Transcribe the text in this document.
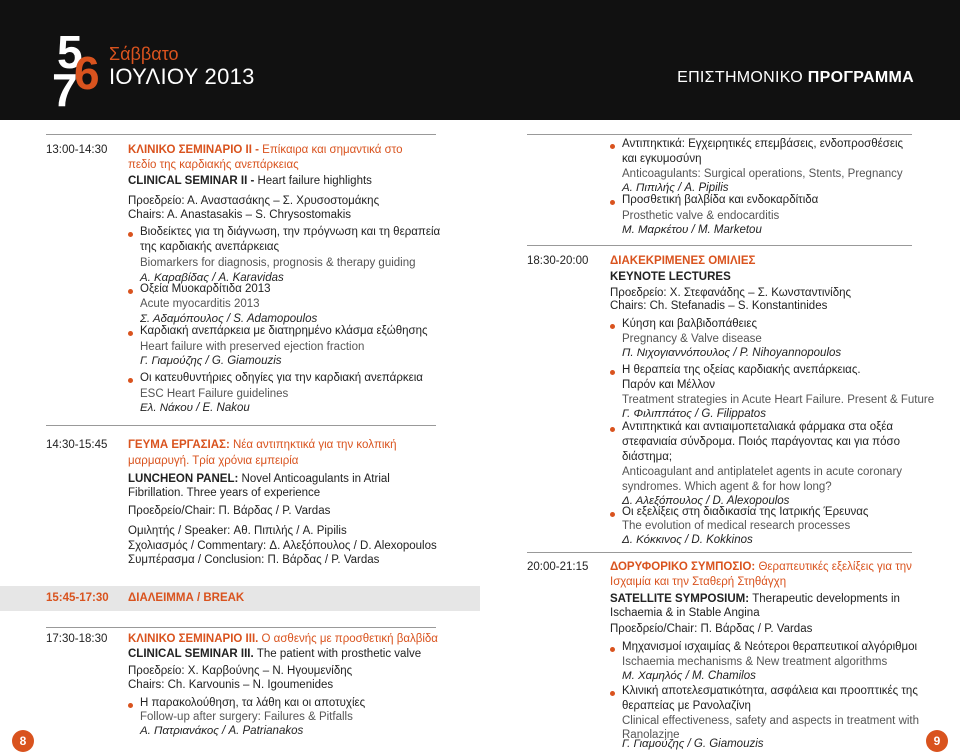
5
6
7
Σάββατο
ΙΟΥΛΙΟΥ 2013	ΕΠΙΣΤΗΜΟΝΙΚΟ ΠΡΟΓΡΑΜΜΑ
13:00-14:30 ΚΛΙΝΙΚΟ ΣΕΜΙΝΑΡΙΟ ΙΙ - Επίκαιρα και σημαντικά στο
πεδίο της καρδιακής ανεπάρκειας
CLINICAL SEMINAR II - Heart failure highlights
Προεδρείο: Α. Αναστασάκης – Σ. Χρυσοστομάκης
Chairs: A. Anastasakis – S. Chrysostomakis
Βιοδείκτες για τη διάγνωση, την πρόγνωση και τη θεραπεία
της καρδιακής ανεπάρκειας
Biomarkers for diagnosis, prognosis & therapy guiding
Α. Καραβίδας / A. Karavidas
Οξεία Μυοκαρδίτιδα 2013
Acute myocarditis 2013
Σ. Αδαμόπουλος / S. Adamopoulos
Καρδιακή ανεπάρκεια με διατηρημένο κλάσμα εξώθησης
Heart failure with preserved ejection fraction
Γ. Γιαμούζης / G. Giamouzis
Οι κατευθυντήριες οδηγίες για την καρδιακή ανεπάρκεια
ESC Heart Failure guidelines
Ελ. Νάκου / E. Nakou
14:30-15:45 ΓΕΥΜΑ ΕΡΓΑΣΙΑΣ: Νέα αντιπηκτικά για την κολπική
μαρμαρυγή. Τρία χρόνια εμπειρία
LUNCHEON PANEL: Novel Anticoagulants in Atrial
Fibrillation. Three years of experience
Προεδρείο/Chair: Π. Βάρδας / P. Vardas
Ομιλητής / Speaker: Αθ. Πιπιλής / A. Pipilis
Σχολιασμός / Commentary: Δ. Αλεξόπουλος / D. Alexopoulos
Συμπέρασμα / Conclusion: Π. Βάρδας / P. Vardas
15:45-17:30 ΔΙΑΛΕΙΜΜΑ / BREAK
17:30-18:30 ΚΛΙΝΙΚΟ ΣΕΜΙΝΑΡΙΟ ΙΙΙ. Ο ασθενής με προσθετική βαλβίδα
CLINICAL SEMINAR III. The patient with prosthetic valve
Προεδρείο: Χ. Καρβούνης – Ν. Ηγουμενίδης
Chairs: Ch. Karvounis – N. Igoumenides
Η παρακολούθηση, τα λάθη και οι αποτυχίες
Follow-up after surgery: Failures & Pitfalls
Α. Πατριανάκος / A. Patrianakos
8
Αντιπηκτικά: Εγχειρητικές επεμβάσεις, ενδοπροσθέσεις
και εγκυμοσύνη
Anticoagulants: Surgical operations, Stents, Pregnancy
Α. Πιπιλής / A. Pipilis
Προσθετική βαλβίδα και ενδοκαρδίτιδα
Prosthetic valve & endocarditis
Μ. Μαρκέτου / M. Marketou
18:30-20:00 ΔΙΑΚΕΚΡΙΜΕΝΕΣ ΟΜΙΛΙΕΣ
KEYNOTE LECTURES
Προεδρείο: Χ. Στεφανάδης – Σ. Κωνσταντινίδης
Chairs: Ch. Stefanadis – S. Konstantinides
Κύηση και βαλβιδοπάθειες
Pregnancy & Valve disease
Π. Νιχογιαννόπουλος / P. Nihoyannopoulos
Η θεραπεία της οξείας καρδιακής ανεπάρκειας.
Παρόν και Μέλλον
Treatment strategies in Acute Heart Failure. Present & Future
Γ. Φιλιππάτος / G. Filippatos
Αντιπηκτικά και αντιαιμοπεταλιακά φάρμακα στα οξέα
στεφανιαία σύνδρομα. Ποιός παράγοντας και για πόσο
διάστημα;
Anticoagulant and antiplatelet agents in acute coronary
syndromes. Which agent & for how long?
Δ. Αλεξόπουλος / D. Alexopoulos
Οι εξελίξεις στη διαδικασία της Ιατρικής Έρευνας
The evolution of medical research processes
Δ. Κόκκινος / D. Kokkinos
20:00-21:15 ΔΟΡΥΦΟΡΙΚΟ ΣΥΜΠΟΣΙΟ: Θεραπευτικές εξελίξεις για την
Ισχαιμία και την Σταθερή Στηθάγχη
SATELLITE SYMPOSIUM: Therapeutic developments in
Ischaemia & in Stable Angina
Προεδρείο/Chair: Π. Βάρδας / P. Vardas
Μηχανισμοί ισχαιμίας & Νεότεροι θεραπευτικοί αλγόριθμοι
Ischaemia mechanisms & New treatment algorithms
Μ. Χαμηλός / M. Chamilos
Κλινική αποτελεσματικότητα, ασφάλεια και προοπτικές της
θεραπείας με Ρανολαζίνη
Clinical effectiveness, safety and aspects in treatment with
Ranolazine
Γ. Γιαμούζης / G. Giamouzis	9
